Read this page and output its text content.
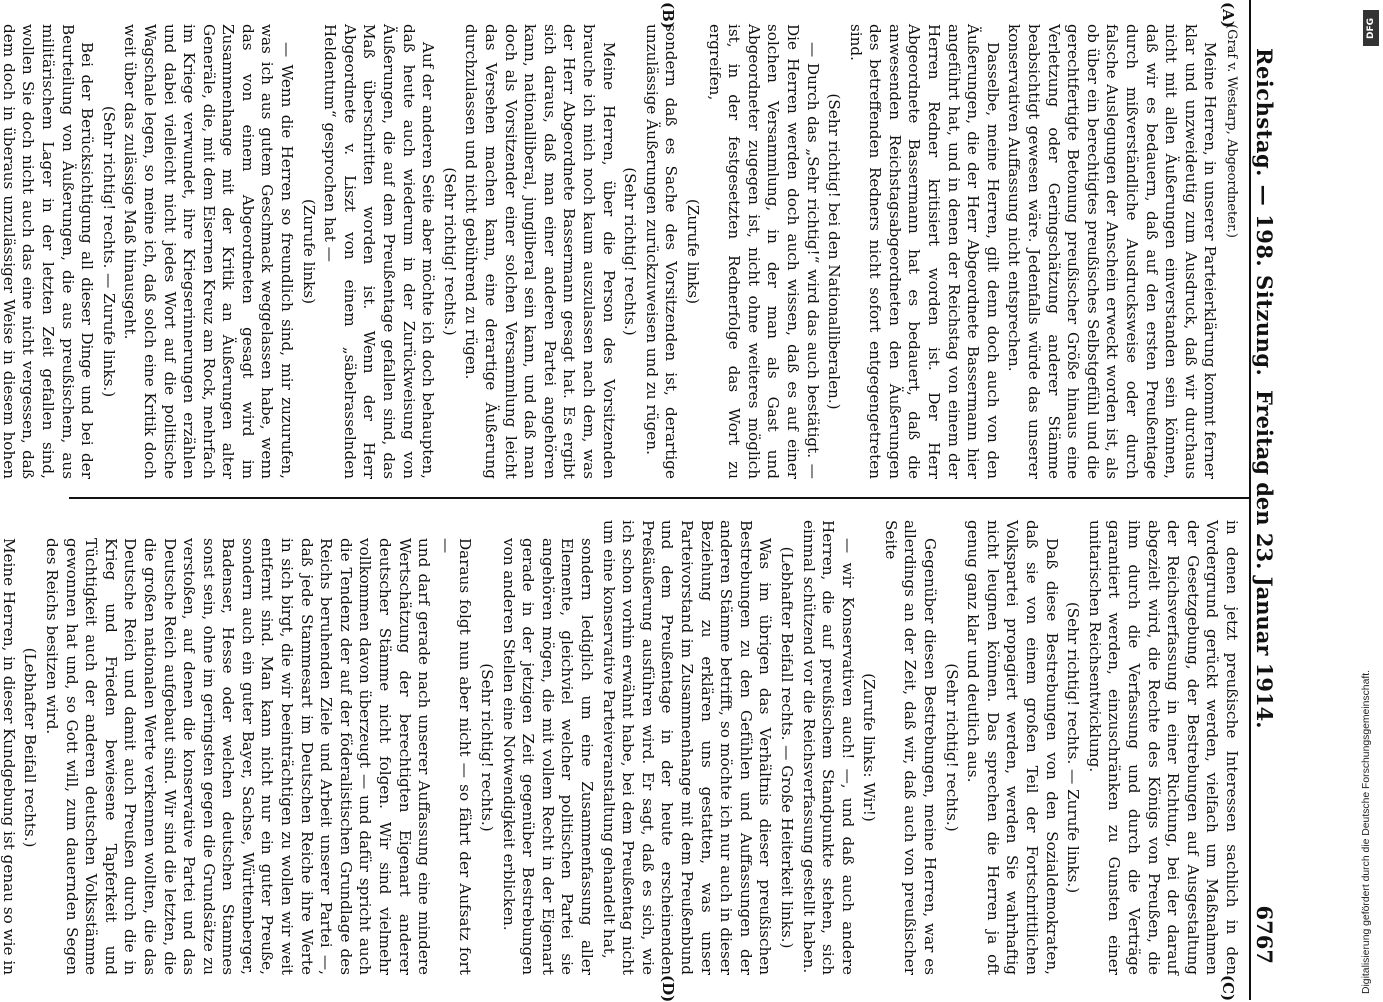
Reichstag. — 198. Sitzung.
Freitag den 23. Januar 1914.
6767
(A)
(B)
(C)
(D)

(Graf v. Westarp, Abgeordneter.)

Meine Herren, in unserer Parteierklärung kommt ferner klar und unzweideutig zum Ausdruck, daß wir durchaus nicht mit allen Äußerungen einverstanden sein können, daß wir es bedauern, daß auf den ersten Preußentage durch mißverständliche Ausdrucksweise oder durch falsche Auslegungen der Anschein erweckt worden ist, als ob über ein berechtigtes preußisches Selbstgefühl und die gerechtfertigte Betonung preußischer Größe hinaus eine Verletzung oder Geringschätzung anderer Stämme beabsichtigt gewesen wäre. Jedenfalls würde das unserer konservativen Auffassung nicht entsprechen.

Dasselbe, meine Herren, gilt denn doch auch von den Äußerungen, die der Herr Abgeordnete Bassermann hier angeführt hat, und in denen der Reichstag von einem der Herren Redner kritisiert worden ist. Der Herr Abgeordnete Bassermann hat es bedauert, daß die anwesenden Reichstagsabgeordneten den Äußerungen des betreffenden Redners nicht sofort entgegengetreten sind.

(Sehr richtig! bei den Nationalliberalen.)

— Durch das „Sehr richtig!“ wird das auch bestätigt. — Die Herren werden doch auch wissen, daß es auf einer solchen Versammlung, in der man als Gast und Abgeordneter zugegen ist, nicht ohne weiteres möglich ist, in der festgesetzten Rednerfolge das Wort zu ergreifen,

(Zurufe links)

sondern daß es Sache des Vorsitzenden ist, derartige unzulässige Äußerungen zurückzuweisen und zu rügen.

(Sehr richtig! rechts.)

Meine Herren, über die Person des Vorsitzenden brauche ich mich noch kaum auszulassen nach dem, was der Herr Abgeordnete Bassermann gesagt hat. Es ergibt sich daraus, daß man einer anderen Partei angehören kann, nationalliberal, jungliberal sein kann, und daß man doch als Vorsitzender einer solchen Versammlung leicht das Versehen machen kann, eine derartige Äußerung durchzulassen und nicht gebührend zu rügen.

(Sehr richtig! rechts.)

Auf der anderen Seite aber möchte ich doch behaupten, daß heute auch wiederum in der Zurückweisung von Äußerungen, die auf dem Preußentage gefallen sind, das Maß überschritten worden ist. Wenn der Herr Abgeordnete v. Liszt von einem „säbelrasselnden Heldentum“ gesprochen hat —

(Zurufe links)

— Wenn die Herren so freundlich sind, mir zuzurufen, was ich aus gutem Geschmack weggelassen habe, wenn das von einem Abgeordneten gesagt wird im Zusammenhange mit der Kritik an Äußerungen alter Generäle, die, mit dem Eisernen Kreuz am Rock, mehrfach im Kriege verwundet, ihre Kriegserinnerungen erzählen und dabei vielleicht nicht jedes Wort auf die politische Wagschale legen, so meine ich, daß solch eine Kritik doch weit über das zulässige Maß hinausgeht.

(Sehr richtig! rechts. — Zurufe links.)

Bei der Berücksichtigung all dieser Dinge und bei der Beurteilung von Äußerungen, die aus preußischem, aus militärischem Lager in der letzten Zeit gefallen sind, wollen Sie doch nicht auch das eine nicht vergessen, daß dem doch in überaus unzulässiger Weise in diesem hohen

in denen jetzt preußische Interessen sachlich in den Vordergrund gerückt werden, vielfach um Maßnahmen der Gesetzgebung, der Bestrebungen auf Ausgestaltung der Reichsverfassung in einer Richtung, bei der darauf abgezielt wird, die Rechte des Königs von Preußen, die ihm durch die Verfassung und durch die Verträge garantiert werden, einzuschränken zu Gunsten einer unitarischen Reichsentwicklung.

(Sehr richtig! rechts. — Zurufe links.)

Daß diese Bestrebungen von den Sozialdemokraten, daß sie von einem großen Teil der Fortschrittlichen Volkspartei propagiert werden, werden Sie wahrhaftig nicht leugnen können. Das sprechen die Herren ja oft genug ganz klar und deutlich aus.

(Sehr richtig! rechts.)

Gegenüber diesen Bestrebungen, meine Herren, war es allerdings an der Zeit, daß wir, daß auch von preußischer Seite

(Zurufe links: Wir!)

— wir Konservativen auch! —, und daß auch andere Herren, die auf preußischem Standpunkte stehen, sich einmal schützend vor die Reichsverfassung gestellt haben.

(Lebhafter Beifall rechts. — Große Heiterkeit links.)

Was im übrigen das Verhältnis dieser preußischen Bestrebungen zu den Gefühlen und Auffassungen der anderen Stämme betrifft, so möchte ich nur auch in dieser Beziehung zu erklären uns gestatten, was unser Parteivorstand im Zusammenhange mit dem Preußenbund und dem Preußentage in der heute erscheinenden Preßäußerung ausführen wird. Er sagt, daß es sich, wie ich schon vorhin erwähnt habe, bei dem Preußentag nicht um eine konservative Parteiveranstaltung gehandelt hat,

sondern lediglich um eine Zusammenfassung aller Elemente, gleichviel welcher politischen Partei sie angehören mögen, die mit vollem Recht in der Eigenart gerade in der jetzigen Zeit gegenüber Bestrebungen von anderen Stellen eine Notwendigkeit erblicken.

(Sehr richtig! rechts.)

Daraus folgt nun aber nicht — so fährt der Aufsatz fort —

und darf gerade nach unserer Auffassung eine mindere Wertschätzung der berechtigten Eigenart anderer deutscher Stämme nicht folgen. Wir sind vielmehr vollkommen davon überzeugt — und dafür spricht auch die Tendenz der auf der föderalistischen Grundlage des Reichs beruhenden Ziele und Arbeit unserer Partei —, daß jede Stammesart im Deutschen Reiche ihre Werte in sich birgt, die wir beeinträchtigen zu wollen wir weit entfernt sind. Man kann nicht nur ein guter Preuße, sondern auch ein guter Bayer, Sachse, Württemberger, Badenser, Hesse oder welchen deutschen Stammes sonst sein, ohne im geringsten gegen die Grundsätze zu verstoßen, auf denen die konservative Partei und das Deutsche Reich aufgebaut sind. Wir sind die letzten, die die großen nationalen Werte verkennen wollten, die das Deutsche Reich und damit auch Preußen durch die in Krieg und Frieden bewiesene Tapferkeit und Tüchtigkeit auch der anderen deutschen Volksstämme gewonnen hat und, so Gott will, zum dauernden Segen des Reichs besitzen wird.

(Lebhafter Beifall rechts.)

Meine Herren, in dieser Kundgebung ist genau so wie in

DFG
Digitalisierung gefördert durch die Deutsche Forschungsgemeinschaft.
